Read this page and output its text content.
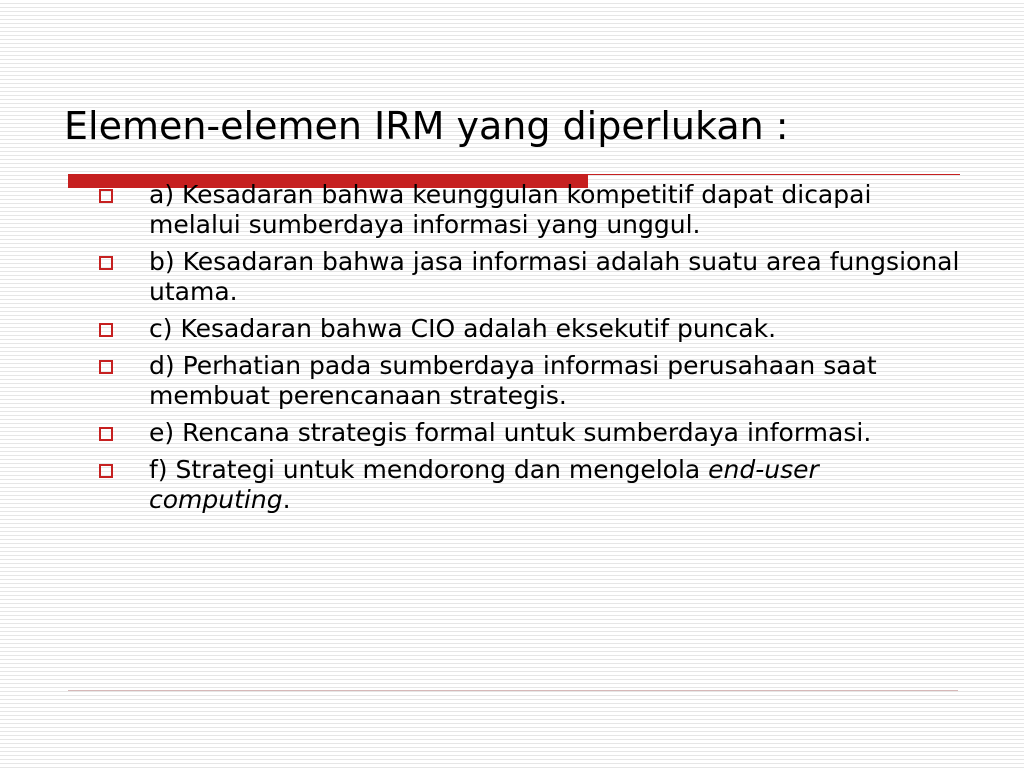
Elemen-elemen IRM yang diperlukan :
a) Kesadaran bahwa keunggulan kompetitif dapat dicapai melalui sumberdaya informasi yang unggul.
b) Kesadaran bahwa jasa informasi adalah suatu area fungsional utama.
c) Kesadaran bahwa CIO adalah eksekutif puncak.
d) Perhatian pada sumberdaya informasi perusahaan saat membuat perencanaan strategis.
e) Rencana strategis formal untuk sumberdaya informasi.
f) Strategi untuk mendorong dan mengelola end-user computing.
